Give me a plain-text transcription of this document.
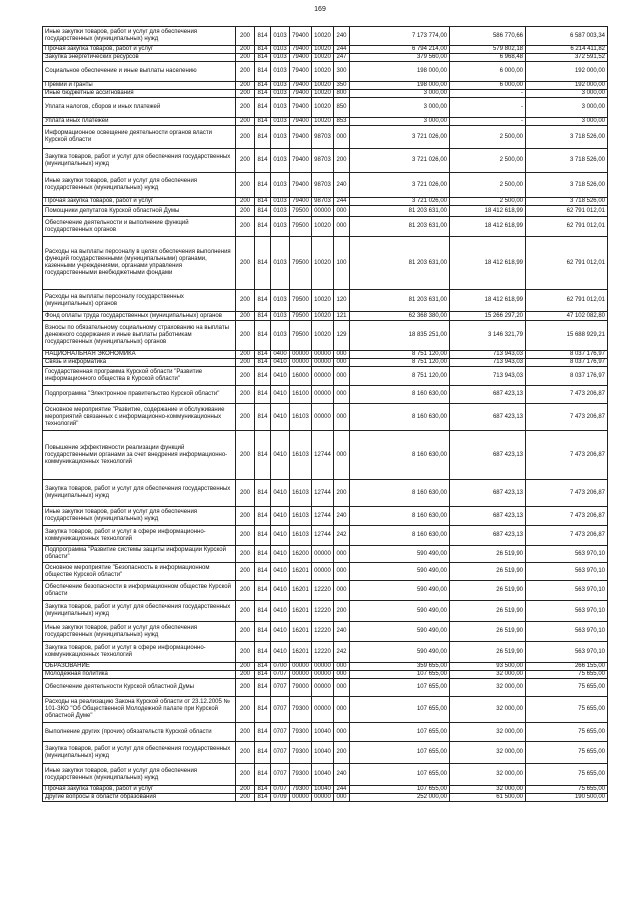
169
Иные закупки товаров, работ и услуг для обеспечения государственных (муниципальных) нужд	200	814	0103	79400	10020	240	7 173 774,00	586 770,66	6 587 003,34
Прочая закупка товаров, работ и услуг	200	814	0103	79400	10020	244	6 794 214,00	579 802,18	6 214 411,82
Закупка энергетических ресурсов	200	814	0103	79400	10020	247	379 560,00	6 968,48	372 591,52
Социальное обеспечение и иные выплаты населению	200	814	0103	79400	10020	300	198 000,00	6 000,00	192 000,00
Премии и гранты	200	814	0103	79400	10020	350	198 000,00	6 000,00	192 000,00
Иные бюджетные ассигнования	200	814	0103	79400	10020	800	3 000,00	-	3 000,00
Уплата налогов, сборов и иных платежей	200	814	0103	79400	10020	850	3 000,00	-	3 000,00
Уплата иных платежей	200	814	0103	79400	10020	853	3 000,00	-	3 000,00
Информационное освещение деятельности органов власти Курской области	200	814	0103	79400	98703	000	3 721 026,00	2 500,00	3 718 526,00
Закупка товаров, работ и услуг для обеспечения государственных (муниципальных) нужд	200	814	0103	79400	98703	200	3 721 026,00	2 500,00	3 718 526,00
Иные закупки товаров, работ и услуг для обеспечения государственных (муниципальных) нужд	200	814	0103	79400	98703	240	3 721 026,00	2 500,00	3 718 526,00
Прочая закупка товаров, работ и услуг	200	814	0103	79400	98703	244	3 721 026,00	2 500,00	3 718 526,00
Помощники депутатов Курской областной Думы	200	814	0103	79500	00000	000	81 203 631,00	18 412 618,99	62 791 012,01
Обеспечение деятельности и выполнение функций государственных органов	200	814	0103	79500	10020	000	81 203 631,00	18 412 618,99	62 791 012,01
Расходы на выплаты персоналу в целях обеспечения выполнения функций государственными (муниципальными) органами, казенными учреждениями, органами управления государственными внебюджетными фондами	200	814	0103	79500	10020	100	81 203 631,00	18 412 618,99	62 791 012,01
Расходы на выплаты персоналу государственных (муниципальных) органов	200	814	0103	79500	10020	120	81 203 631,00	18 412 618,99	62 791 012,01
Фонд оплаты труда государственных (муниципальных) органов	200	814	0103	79500	10020	121	62 368 380,00	15 266 297,20	47 102 082,80
Взносы по обязательному социальному страхованию на выплаты денежного содержания и иные выплаты работникам государственных (муниципальных) органов	200	814	0103	79500	10020	129	18 835 251,00	3 146 321,79	15 688 929,21
НАЦИОНАЛЬНАЯ ЭКОНОМИКА	200	814	0400	00000	00000	000	8 751 120,00	713 943,03	8 037 176,97
Связь и информатика	200	814	0410	00000	00000	000	8 751 120,00	713 943,03	8 037 176,97
Государственная программа Курской области "Развитие информационного общества в Курской области"	200	814	0410	16000	00000	000	8 751 120,00	713 943,03	8 037 176,97
Подпрограмма "Электронное правительство Курской области"	200	814	0410	16100	00000	000	8 160 630,00	687 423,13	7 473 206,87
Основное мероприятие "Развитие, содержание и обслуживание мероприятий связанных с информационно-коммуникационных технологий"	200	814	0410	16103	00000	000	8 160 630,00	687 423,13	7 473 206,87
Повышение эффективности реализации функций государственными органами за счет внедрения информационно-коммуникационных технологий	200	814	0410	16103	12744	000	8 160 630,00	687 423,13	7 473 206,87
Закупка товаров, работ и услуг для обеспечения государственных (муниципальных) нужд	200	814	0410	16103	12744	200	8 160 630,00	687 423,13	7 473 206,87
Иные закупки товаров, работ и услуг для обеспечения государственных (муниципальных) нужд	200	814	0410	16103	12744	240	8 160 630,00	687 423,13	7 473 206,87
Закупка товаров, работ и услуг в сфере информационно-коммуникационных технологий	200	814	0410	16103	12744	242	8 160 630,00	687 423,13	7 473 206,87
Подпрограмма "Развитие системы защиты информации Курской области"	200	814	0410	16200	00000	000	590 490,00	26 519,90	563 970,10
Основное мероприятие "Безопасность в информационном обществе Курской области"	200	814	0410	16201	00000	000	590 490,00	26 519,90	563 970,10
Обеспечение безопасности в информационном обществе Курской области	200	814	0410	16201	12220	000	590 490,00	26 519,90	563 970,10
Закупка товаров, работ и услуг для обеспечения государственных (муниципальных) нужд	200	814	0410	16201	12220	200	590 490,00	26 519,90	563 970,10
Иные закупки товаров, работ и услуг для обеспечения государственных (муниципальных) нужд	200	814	0410	16201	12220	240	590 490,00	26 519,90	563 970,10
Закупка товаров, работ и услуг в сфере информационно-коммуникационных технологий	200	814	0410	16201	12220	242	590 490,00	26 519,90	563 970,10
ОБРАЗОВАНИЕ	200	814	0700	00000	00000	000	359 655,00	93 500,00	266 155,00
Молодежная политика	200	814	0707	00000	00000	000	107 655,00	32 000,00	75 655,00
Обеспечение деятельности Курской областной Думы	200	814	0707	79000	00000	000	107 655,00	32 000,00	75 655,00
Расходы на реализацию Закона Курской области от 23.12.2005 № 101-ЗКО "Об Общественной Молодежной палате при Курской областной Думе"	200	814	0707	79300	00000	000	107 655,00	32 000,00	75 655,00
Выполнение других (прочих) обязательств Курской области	200	814	0707	79300	10040	000	107 655,00	32 000,00	75 655,00
Закупка товаров, работ и услуг для обеспечения государственных (муниципальных) нужд	200	814	0707	79300	10040	200	107 655,00	32 000,00	75 655,00
Иные закупки товаров, работ и услуг для обеспечения государственных (муниципальных) нужд	200	814	0707	79300	10040	240	107 655,00	32 000,00	75 655,00
Прочая закупка товаров, работ и услуг	200	814	0707	79300	10040	244	107 655,00	32 000,00	75 655,00
Другие вопросы в области образования	200	814	0709	00000	00000	000	252 000,00	61 500,00	190 500,00
